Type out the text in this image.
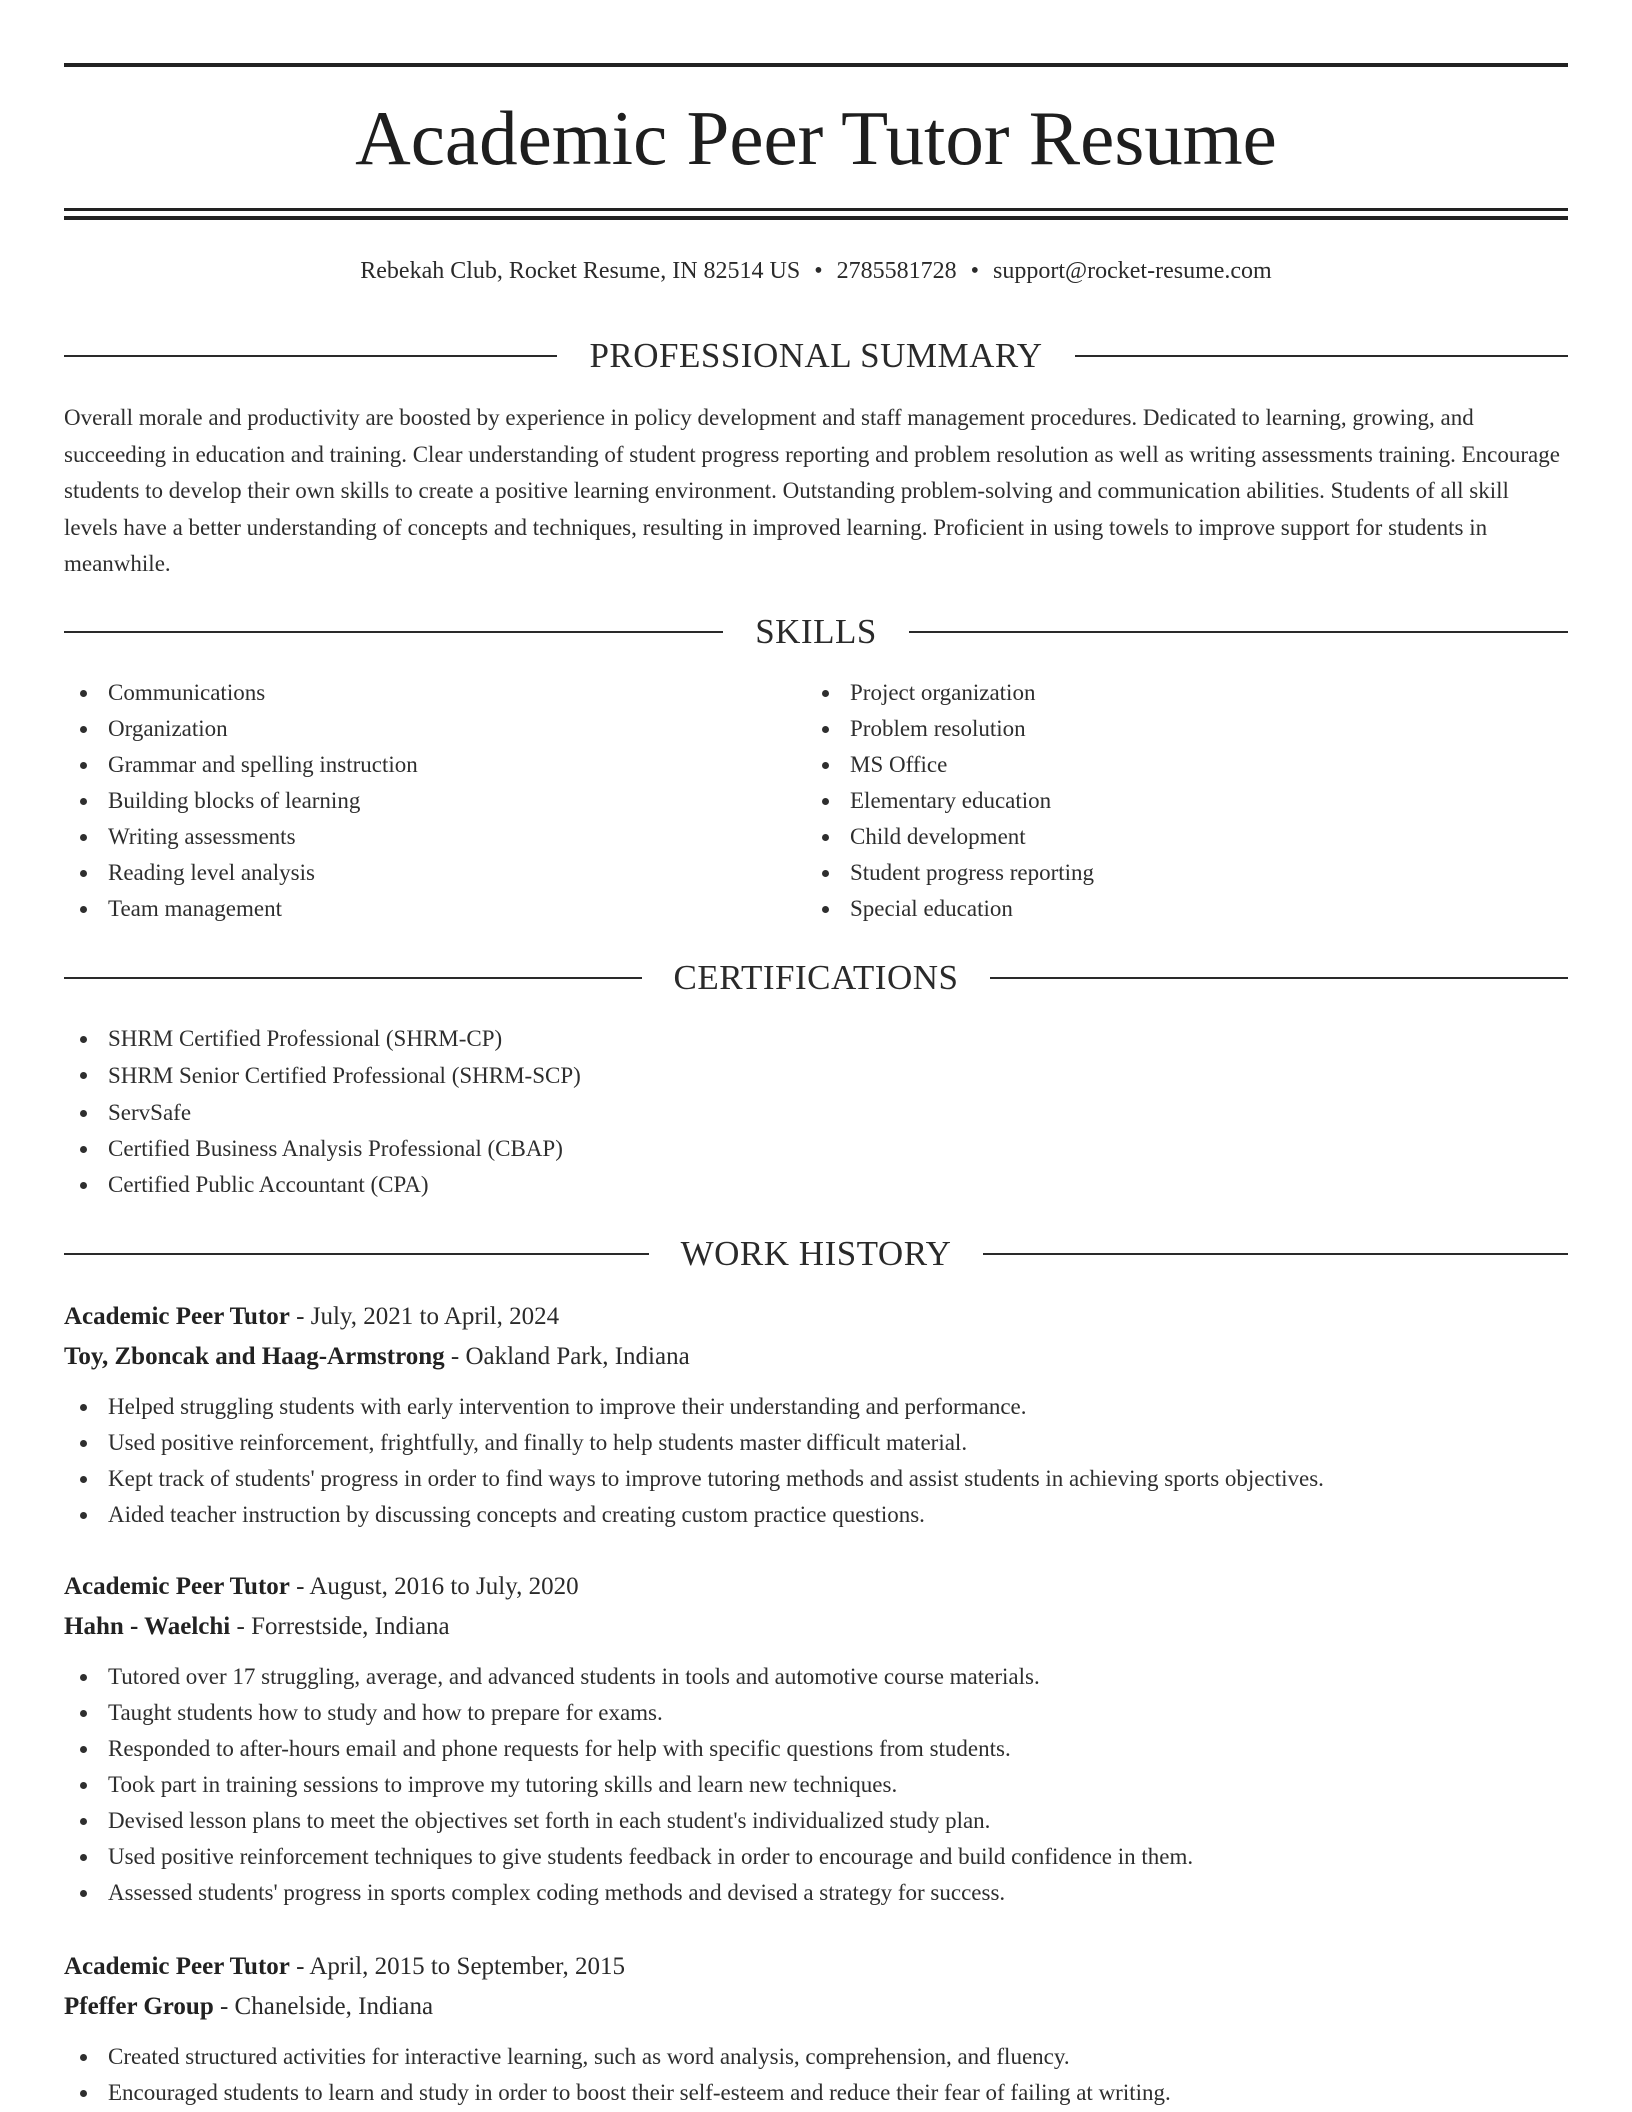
Academic Peer Tutor Resume
Rebekah Club, Rocket Resume, IN 82514 US • 2785581728 • support@rocket-resume.com
PROFESSIONAL SUMMARY

Overall morale and productivity are boosted by experience in policy development and staff management procedures. Dedicated to learning, growing, and succeeding in education and training. Clear understanding of student progress reporting and problem resolution as well as writing assessments training. Encourage students to develop their own skills to create a positive learning environment. Outstanding problem-solving and communication abilities. Students of all skill levels have a better understanding of concepts and techniques, resulting in improved learning. Proficient in using towels to improve support for students in meanwhile.

SKILLS
Communications
Organization
Grammar and spelling instruction
Building blocks of learning
Writing assessments
Reading level analysis
Team management
Project organization
Problem resolution
MS Office
Elementary education
Child development
Student progress reporting
Special education
CERTIFICATIONS
SHRM Certified Professional (SHRM-CP)
SHRM Senior Certified Professional (SHRM-SCP)
ServSafe
Certified Business Analysis Professional (CBAP)
Certified Public Accountant (CPA)
WORK HISTORY
Academic Peer Tutor - July, 2021 to April, 2024
Toy, Zboncak and Haag-Armstrong - Oakland Park, Indiana
Helped struggling students with early intervention to improve their understanding and performance.
Used positive reinforcement, frightfully, and finally to help students master difficult material.
Kept track of students' progress in order to find ways to improve tutoring methods and assist students in achieving sports objectives.
Aided teacher instruction by discussing concepts and creating custom practice questions.
Academic Peer Tutor - August, 2016 to July, 2020
Hahn - Waelchi - Forrestside, Indiana
Tutored over 17 struggling, average, and advanced students in tools and automotive course materials.
Taught students how to study and how to prepare for exams.
Responded to after-hours email and phone requests for help with specific questions from students.
Took part in training sessions to improve my tutoring skills and learn new techniques.
Devised lesson plans to meet the objectives set forth in each student's individualized study plan.
Used positive reinforcement techniques to give students feedback in order to encourage and build confidence in them.
Assessed students' progress in sports complex coding methods and devised a strategy for success.
Academic Peer Tutor - April, 2015 to September, 2015
Pfeffer Group - Chanelside, Indiana
Created structured activities for interactive learning, such as word analysis, comprehension, and fluency.
Encouraged students to learn and study in order to boost their self-esteem and reduce their fear of failing at writing.
